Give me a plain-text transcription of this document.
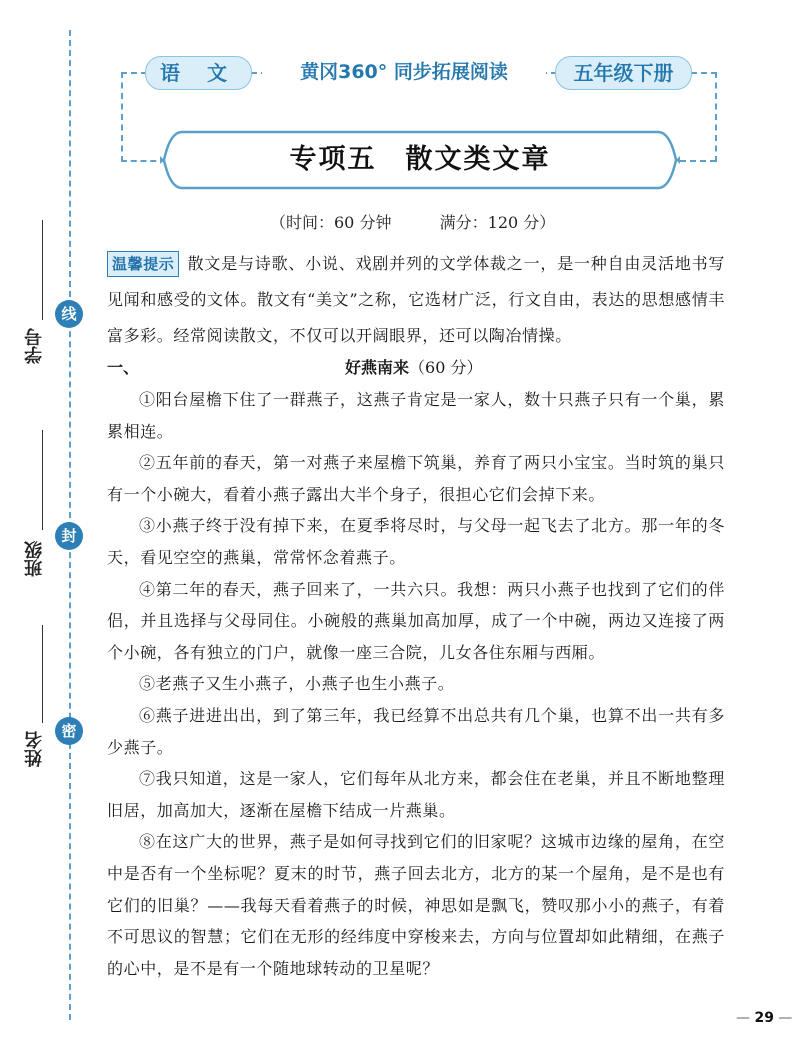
学号
线
班级
封
姓名	密
语 文	黄冈360° 同步拓展阅读	五年级下册
专项五　散文类文章
（时间：60 分钟	满分：120 分）
温馨提示 散文是与诗歌、小说、戏剧并列的文学体裁之一，是一种自由灵活地书写见闻和感受的文体。散文有“美文”之称，它选材广泛，行文自由，表达的思想感情丰富多彩。经常阅读散文，不仅可以开阔眼界，还可以陶冶情操。
一、	好燕南来（60 分）

①阳台屋檐下住了一群燕子，这燕子肯定是一家人，数十只燕子只有一个巢，累累相连。

②五年前的春天，第一对燕子来屋檐下筑巢，养育了两只小宝宝。当时筑的巢只有一个小碗大，看着小燕子露出大半个身子，很担心它们会掉下来。

③小燕子终于没有掉下来，在夏季将尽时，与父母一起飞去了北方。那一年的冬天，看见空空的燕巢，常常怀念着燕子。

④第二年的春天，燕子回来了，一共六只。我想：两只小燕子也找到了它们的伴侣，并且选择与父母同住。小碗般的燕巢加高加厚，成了一个中碗，两边又连接了两个小碗，各有独立的门户，就像一座三合院，儿女各住东厢与西厢。

⑤老燕子又生小燕子，小燕子也生小燕子。

⑥燕子进进出出，到了第三年，我已经算不出总共有几个巢，也算不出一共有多少燕子。

⑦我只知道，这是一家人，它们每年从北方来，都会住在老巢，并且不断地整理旧居，加高加大，逐渐在屋檐下结成一片燕巢。

⑧在这广大的世界，燕子是如何寻找到它们的旧家呢？这城市边缘的屋角，在空中是否有一个坐标呢？夏末的时节，燕子回去北方，北方的某一个屋角，是不是也有它们的旧巢？——我每天看着燕子的时候，神思如是飘飞，赞叹那小小的燕子，有着不可思议的智慧；它们在无形的经纬度中穿梭来去，方向与位置却如此精细，在燕子的心中，是不是有一个随地球转动的卫星呢？

— 29 —
